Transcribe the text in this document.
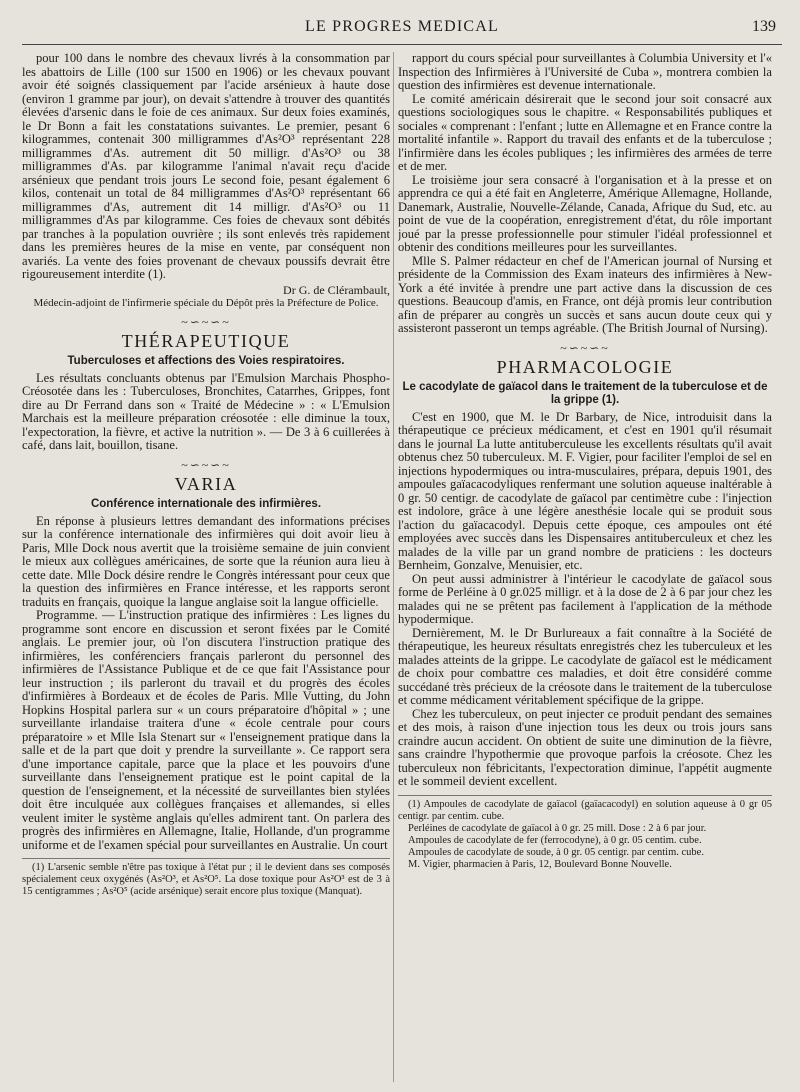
LE PROGRES MEDICAL	139

pour 100 dans le nombre des chevaux livrés à la consommation par les abattoirs de Lille (100 sur 1500 en 1906) or les chevaux pouvant avoir été soignés classiquement par l'acide arsénieux à haute dose (environ 1 gramme par jour), on devait s'attendre à trouver des quantités élevées d'arsenic dans le foie de ces animaux. Sur deux foies examinés, le Dr Bonn a fait les constatations suivantes. Le premier, pesant 6 kilogrammes, contenait 300 milligrammes d'As²O³ représentant 228 milligrammes d'As. autrement dit 50 milligr. d'As²O³ ou 38 milligrammes d'As. par kilogramme l'animal n'avait reçu d'acide arsénieux que pendant trois jours Le second foie, pesant également 6 kilos, contenait un total de 84 milligrammes d'As²O³ représentant 66 milligrammes d'As, autrement dit 14 milligr. d'As²O³ ou 11 milligrammes d'As par kilogramme. Ces foies de chevaux sont débités par tranches à la population ouvrière ; ils sont enlevés très rapidement dans les premières heures de la mise en vente, par conséquent non avariés. La vente des foies provenant de chevaux poussifs devrait être rigoureusement interdite (1).

Dr G. de Clérambault,
Médecin-adjoint de l'infirmerie spéciale du Dépôt près la Préfecture de Police.
~∽~∽~
THÉRAPEUTIQUE
Tuberculoses et affections des Voies respiratoires.

Les résultats concluants obtenus par l'Emulsion Marchais Phospho-Créosotée dans les : Tuberculoses, Bronchites, Catarrhes, Grippes, font dire au Dr Ferrand dans son « Traité de Médecine » : « L'Emulsion Marchais est la meilleure préparation créosotée : elle diminue la toux, l'expectoration, la fièvre, et active la nutrition ». — De 3 à 6 cuillerées à café, dans lait, bouillon, tisane.

~∽~∽~
VARIA
Conférence internationale des infirmières.

En réponse à plusieurs lettres demandant des informations précises sur la conférence internationale des infirmières qui doit avoir lieu à Paris, Mlle Dock nous avertit que la troisième semaine de juin convient le mieux aux collègues américaines, de sorte que la réunion aura lieu à cette date. Mlle Dock désire rendre le Congrès intéressant pour ceux que la question des infirmières en France intéresse, et les rapports seront traduits en français, quoique la langue anglaise soit la langue officielle.

Programme. — L'instruction pratique des infirmières : Les lignes du programme sont encore en discussion et seront fixées par le Comité anglais. Le premier jour, où l'on discutera l'instruction pratique des infirmières, les conférenciers français parleront du personnel des infirmières de l'Assistance Publique et de ce que fait l'Assistance pour leur instruction ; ils parleront du travail et du progrès des écoles d'infirmières à Bordeaux et de écoles de Paris. Mlle Vutting, du John Hopkins Hospital parlera sur « un cours préparatoire d'hôpital » ; une surveillante irlandaise traitera d'une « école centrale pour cours préparatoire » et Mlle Isla Stenart sur « l'enseignement pratique dans la salle et de la part que doit y prendre la surveillante ». Ce rapport sera d'une importance capitale, parce que la place et les pouvoirs d'une surveillante dans l'enseignement pratique est le point capital de la question de l'enseignement, et la nécessité de surveillantes bien stylées doit être inculquée aux collègues françaises et allemandes, si elles veulent imiter le système anglais qu'elles admirent tant. On parlera des progrès des infirmières en Allemagne, Italie, Hollande, d'un programme uniforme et de l'examen spécial pour surveillantes en Australie. Un court

(1) L'arsenic semble n'être pas toxique à l'état pur ; il le devient dans ses composés spécialement ceux oxygénés (As²O³, et As²O⁵. La dose toxique pour As²O³ est de 3 à 15 centigrammes ; As²O⁵ (acide arsénique) serait encore plus toxique (Manquat).

rapport du cours spécial pour surveillantes à Columbia University et l'« Inspection des Infirmières à l'Université de Cuba », montrera combien la question des infirmières est devenue internationale.

Le comité américain désirerait que le second jour soit consacré aux questions sociologiques sous le chapitre. « Responsabilités publiques et sociales « comprenant : l'enfant ; lutte en Allemagne et en France contre la mortalité infantile ». Rapport du travail des enfants et de la tuberculose ; l'infirmière dans les écoles publiques ; les infirmières des armées de terre et de mer.

Le troisième jour sera consacré à l'organisation et à la presse et on apprendra ce qui a été fait en Angleterre, Amérique Allemagne, Hollande, Danemark, Australie, Nouvelle-Zélande, Canada, Afrique du Sud, etc. au point de vue de la coopération, enregistrement d'état, du rôle important joué par la presse professionnelle pour stimuler l'idéal professionnel et obtenir des conditions meilleures pour les surveillantes.

Mlle S. Palmer rédacteur en chef de l'American journal of Nursing et présidente de la Commission des Exam inateurs des infirmières à New-York a été invitée à prendre une part active dans la discussion de ces questions. Beaucoup d'amis, en France, ont déjà promis leur contribution afin de préparer au congrès un succès et sans aucun doute ceux qui y assisteront passeront un temps agréable. (The British Journal of Nursing).

~∽~∽~
PHARMACOLOGIE
Le cacodylate de gaïacol dans le traitement de la tuberculose et de la grippe (1).

C'est en 1900, que M. le Dr Barbary, de Nice, introduisit dans la thérapeutique ce précieux médicament, et c'est en 1901 qu'il résumait dans le journal La lutte antituberculeuse les excellents résultats qu'il avait obtenus chez 50 tuberculeux. M. F. Vigier, pour faciliter l'emploi de sel en injections hypodermiques ou intra-musculaires, prépara, depuis 1901, des ampoules gaïacacodyliques renfermant une solution aqueuse inaltérable à 0 gr. 50 centigr. de cacodylate de gaïacol par centimètre cube : l'injection est indolore, grâce à une légère anesthésie locale qui se produit sous l'action du gaïacacodyl. Depuis cette époque, ces ampoules ont été employées avec succès dans les Dispensaires antituberculeux et chez les malades de la ville par un grand nombre de praticiens : les docteurs Bernheim, Gonzalve, Menuisier, etc.

On peut aussi administrer à l'intérieur le cacodylate de gaïacol sous forme de Perléine à 0 gr.025 milligr. et à la dose de 2 à 6 par jour chez les malades qui ne se prêtent pas facilement à l'application de la méthode hypodermique.

Dernièrement, M. le Dr Burlureaux a fait connaître à la Société de thérapeutique, les heureux résultats enregistrés chez les tuberculeux et les malades atteints de la grippe. Le cacodylate de gaïacol est le médicament de choix pour combattre ces maladies, et doit être considéré comme succédané très précieux de la créosote dans le traitement de la tuberculose et comme médicament véritablement spécifique de la grippe.

Chez les tuberculeux, on peut injecter ce produit pendant des semaines et des mois, à raison d'une injection tous les deux ou trois jours sans craindre aucun accident. On obtient de suite une diminution de la fièvre, sans craindre l'hypothermie que provoque parfois la créosote. Chez les tuberculeux non fébricitants, l'expectoration diminue, l'appétit augmente et le sommeil devient excellent.

(1) Ampoules de cacodylate de gaïacol (gaïacacodyl) en solution aqueuse à 0 gr 05 centigr. par centim. cube.

Perléines de cacodylate de gaïacol à 0 gr. 25 mill. Dose : 2 à 6 par jour.

Ampoules de cacodylate de fer (ferrocodyne), à 0 gr. 05 centim. cube.

Ampoules de cacodylate de soude, à 0 gr. 05 centigr. par centim. cube.

M. Vigier, pharmacien à Paris, 12, Boulevard Bonne Nouvelle.
